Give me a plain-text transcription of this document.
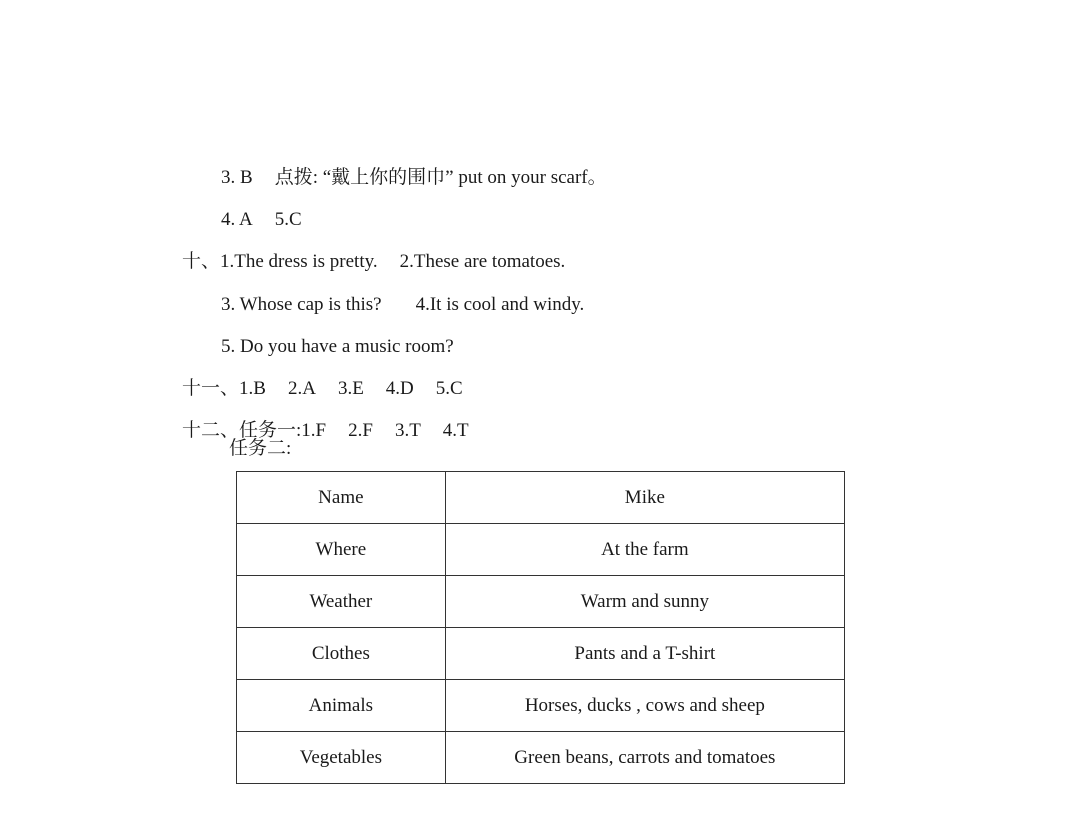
3. B 点拨: “戴上你的围巾” put on your scarf。

4. A 5.C

十、1.The dress is pretty. 2.These are tomatoes.

3. Whose cap is this? 4.It is cool and windy.

5. Do you have a music room?

十一、1.B 2.A 3.E 4.D 5.C

十二、任务一:1.F 2.F 3.T 4.T

任务二:
Name	Mike
Where	At the farm
Weather	Warm and sunny
Clothes	Pants and a T-shirt
Animals	Horses, ducks , cows and sheep
Vegetables	Green beans, carrots and tomatoes
